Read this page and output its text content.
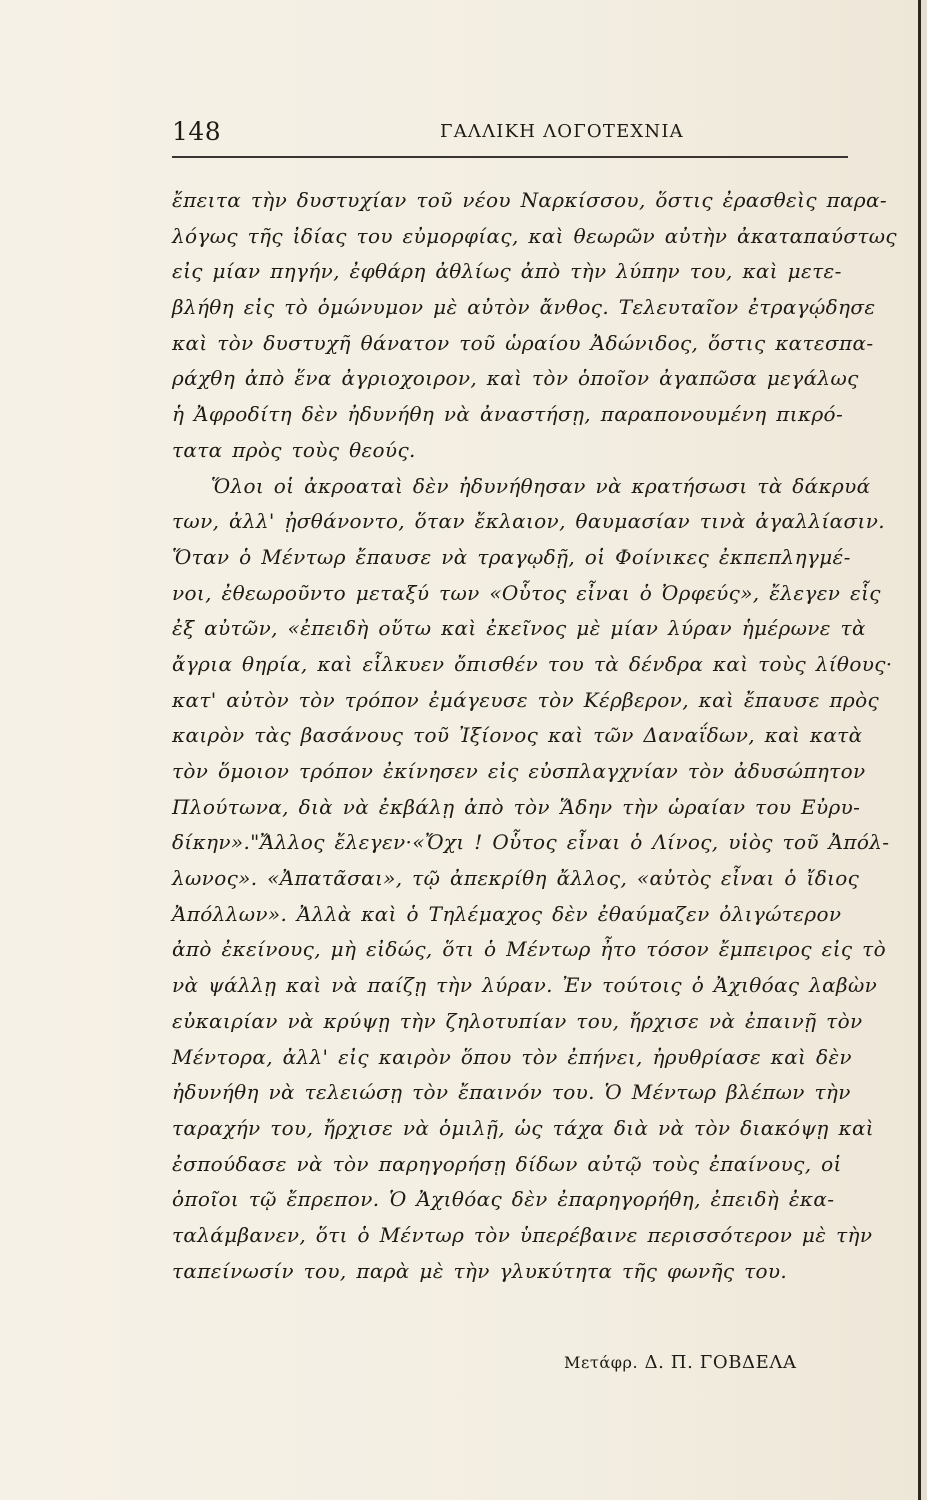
148	ΓΑΛΛΙΚΗ ΛΟΓΟΤΕΧΝΙΑ
ἔπειτα τὴν δυστυχίαν τοῦ νέου Ναρκίσσου, ὅστις ἐρασθεὶς παρα-
λόγως τῆς ἰδίας του εὐμορφίας, καὶ θεωρῶν αὐτὴν ἀκαταπαύστως
εἰς μίαν πηγήν, ἐφθάρη ἀθλίως ἀπὸ τὴν λύπην του, καὶ μετε-
βλήθη εἰς τὸ ὁμώνυμον μὲ αὐτὸν ἄνθος. Τελευταῖον ἐτραγῴδησε
καὶ τὸν δυστυχῆ θάνατον τοῦ ὡραίου Ἀδώνιδος, ὅστις κατεσπα-
ράχθη ἀπὸ ἕνα ἀγριοχοιρον, καὶ τὸν ὁποῖον ἀγαπῶσα μεγάλως
ἡ Ἀφροδίτη δὲν ἠδυνήθη νὰ ἀναστήσῃ, παραπονουμένη πικρό-
τατα πρὸς τοὺς θεούς.
Ὅλοι οἱ ἀκροαταὶ δὲν ἠδυνήθησαν νὰ κρατήσωσι τὰ δάκρυά
των, ἀλλ' ᾐσθάνοντο, ὅταν ἔκλαιον, θαυμασίαν τινὰ ἀγαλλίασιν.
Ὅταν ὁ Μέντωρ ἔπαυσε νὰ τραγῳδῇ, οἱ Φοίνικες ἐκπεπληγμέ-
νοι, ἐθεωροῦντο μεταξύ των «Οὗτος εἶναι ὁ Ὀρφεύς», ἔλεγεν εἷς
ἐξ αὐτῶν, «ἐπειδὴ οὕτω καὶ ἐκεῖνος μὲ μίαν λύραν ἡμέρωνε τὰ
ἄγρια θηρία, καὶ εἷλκυεν ὄπισθέν του τὰ δένδρα καὶ τοὺς λίθους·
κατ' αὐτὸν τὸν τρόπον ἐμάγευσε τὸν Κέρβερον, καὶ ἔπαυσε πρὸς
καιρὸν τὰς βασάνους τοῦ Ἰξίονος καὶ τῶν Δαναΐδων, καὶ κατὰ
τὸν ὅμοιον τρόπον ἐκίνησεν εἰς εὐσπλαγχνίαν τὸν ἀδυσώπητον
Πλούτωνα, διὰ νὰ ἐκβάλῃ ἀπὸ τὸν Ἅδην τὴν ὡραίαν του Εὐρυ-
δίκην»."Ἄλλος ἔλεγεν·«Ὄχι ! Οὗτος εἶναι ὁ Λίνος, υἱὸς τοῦ Ἀπόλ-
λωνος». «Ἀπατᾶσαι», τῷ ἀπεκρίθη ἄλλος, «αὐτὸς εἶναι ὁ ἴδιος
Ἀπόλλων». Ἀλλὰ καὶ ὁ Τηλέμαχος δὲν ἐθαύμαζεν ὀλιγώτερον
ἀπὸ ἐκείνους, μὴ εἰδώς, ὅτι ὁ Μέντωρ ἦτο τόσον ἔμπειρος εἰς τὸ
νὰ ψάλλῃ καὶ νὰ παίζῃ τὴν λύραν. Ἐν τούτοις ὁ Ἀχιθόας λαβὼν
εὐκαιρίαν νὰ κρύψῃ τὴν ζηλοτυπίαν του, ἤρχισε νὰ ἐπαινῇ τὸν
Μέντορα, ἀλλ' εἰς καιρὸν ὅπου τὸν ἐπήνει, ἠρυθρίασε καὶ δὲν
ἠδυνήθη νὰ τελειώσῃ τὸν ἔπαινόν του. Ὁ Μέντωρ βλέπων τὴν
ταραχήν του, ἤρχισε νὰ ὁμιλῇ, ὡς τάχα διὰ νὰ τὸν διακόψῃ καὶ
ἐσπούδασε νὰ τὸν παρηγορήσῃ δίδων αὐτῷ τοὺς ἐπαίνους, οἱ
ὁποῖοι τῷ ἔπρεπον. Ὁ Ἀχιθόας δὲν ἐπαρηγορήθη, ἐπειδὴ ἐκα-
ταλάμβανεν, ὅτι ὁ Μέντωρ τὸν ὑπερέβαινε περισσότερον μὲ τὴν
ταπείνωσίν του, παρὰ μὲ τὴν γλυκύτητα τῆς φωνῆς του.
Μετάφρ. Δ. Π. ΓΟΒΔΕΛΑ
